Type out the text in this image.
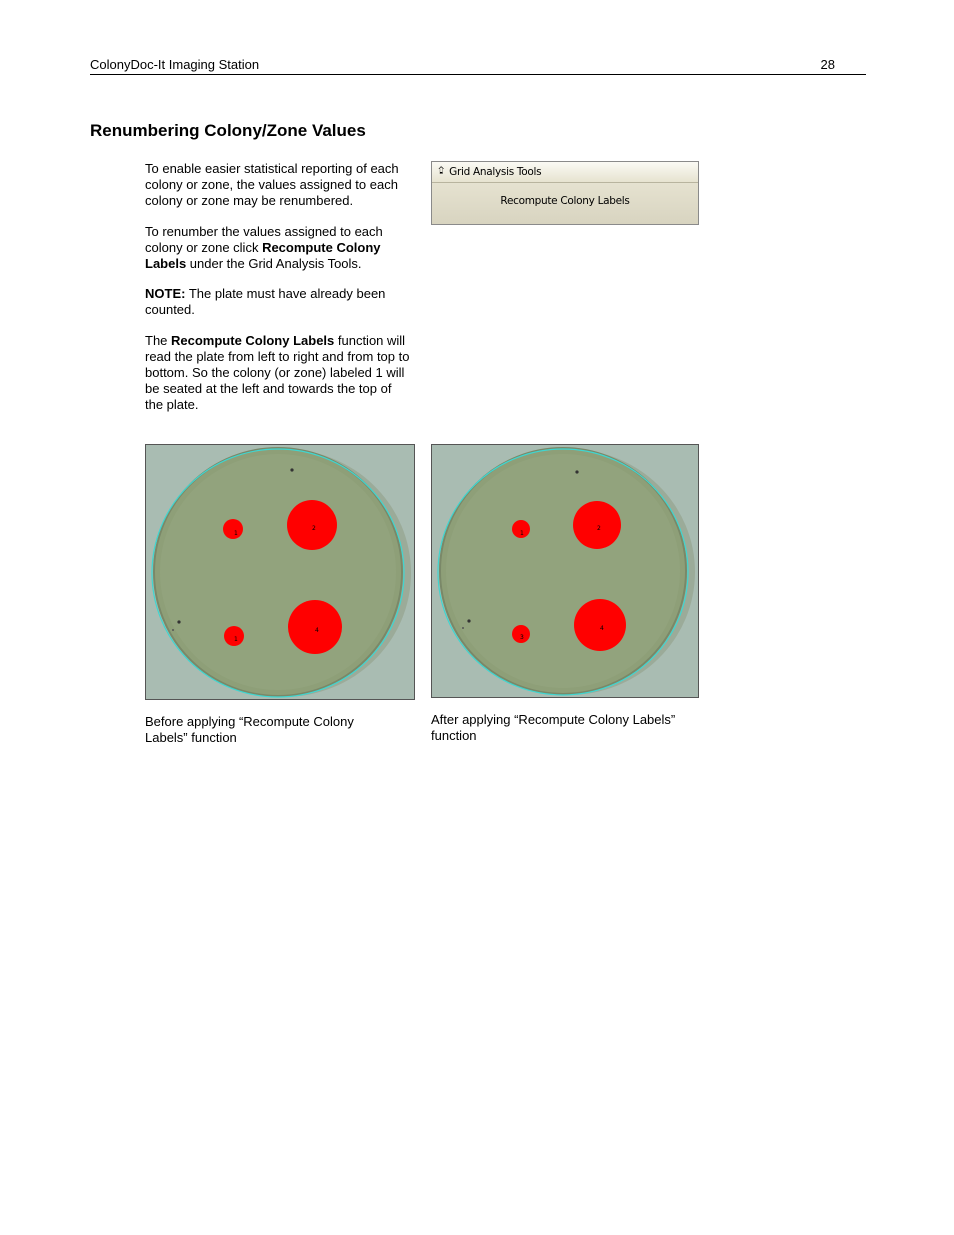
ColonyDoc-It Imaging Station	28
Renumbering Colony/Zone Values

To enable easier statistical reporting of each colony or zone, the values assigned to each colony or zone may be renumbered.

To renumber the values assigned to each colony or zone click Recompute Colony Labels under the Grid Analysis Tools.

NOTE: The plate must have already been counted.

The Recompute Colony Labels function will read the plate from left to right and from top to bottom. So the colony (or zone) labeled 1 will be seated at the left and towards the top of the plate.

⮸ Grid Analysis Tools
Recompute Colony Labels
1
2
1
4
1
2
3
4
Before applying “Recompute Colony Labels” function
After applying “Recompute Colony Labels” function
